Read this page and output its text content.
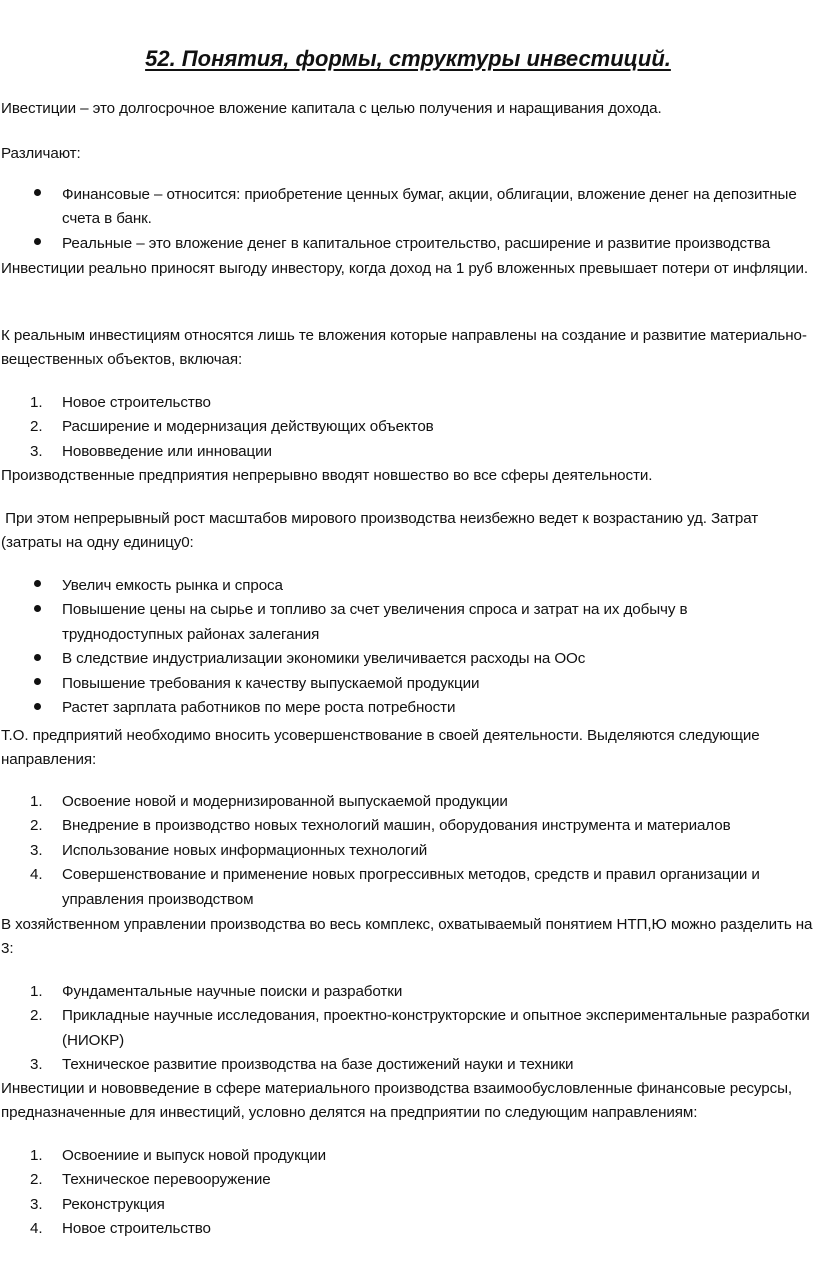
52. Понятия, формы, структуры инвестиций.

Ивестиции – это долгосрочное вложение капитала с целью получения и наращивания дохода.

Различают:

Финансовые – относится: приобретение ценных бумаг, акции, облигации, вложение денег на депозитные счета в банк.
Реальные – это вложение денег в капитальное строительство, расширение и развитие производства

Инвестиции реально приносят выгоду инвестору, когда доход на 1 руб вложенных превышает потери от инфляции.

К реальным инвестициям относятся лишь те вложения которые направлены на создание и развитие материально-вещественных объектов, включая:

1.	Новое строительство
2.	Расширение и модернизация действующих объектов
3.	Нововведение или инновации

Производственные предприятия непрерывно вводят новшество во все сферы деятельности.

При этом непрерывный рост масштабов мирового производства неизбежно ведет к возрастанию уд. Затрат (затраты на одну единицу0:

Увелич емкость рынка и спроса
Повышение цены на сырье и топливо за счет увеличения спроса и затрат на их добычу в труднодоступных районах залегания
В следствие индустриализации экономики увеличивается расходы на ООс
Повышение требования к качеству выпускаемой продукции
Растет зарплата работников по мере роста потребности

Т.О. предприятий необходимо вносить усовершенствование в своей деятельности. Выделяются следующие направления:

1.	Освоение новой и модернизированной выпускаемой продукции
2.	Внедрение в производство новых технологий машин, оборудования инструмента и материалов
3.	Использование новых информационных технологий
4.	Совершенствование и применение новых прогрессивных методов, средств и правил организации и управления производством

В хозяйственном управлении производства во весь комплекс, охватываемый понятием НТП,Ю можно разделить на 3:

1.	Фундаментальные научные поиски и разработки
2.	Прикладные научные исследования, проектно-конструкторские и опытное экспериментальные разработки (НИОКР)
3.	Техническое развитие производства на базе достижений науки и техники

Инвестиции и нововведение в сфере материального производства взаимообусловленные финансовые ресурсы, предназначенные для инвестиций, условно делятся на предприятии по следующим направлениям:

1.	Освоениие и выпуск новой продукции
2.	Техническое перевооружение
3.	Реконструкция
4.	Новое строительство
